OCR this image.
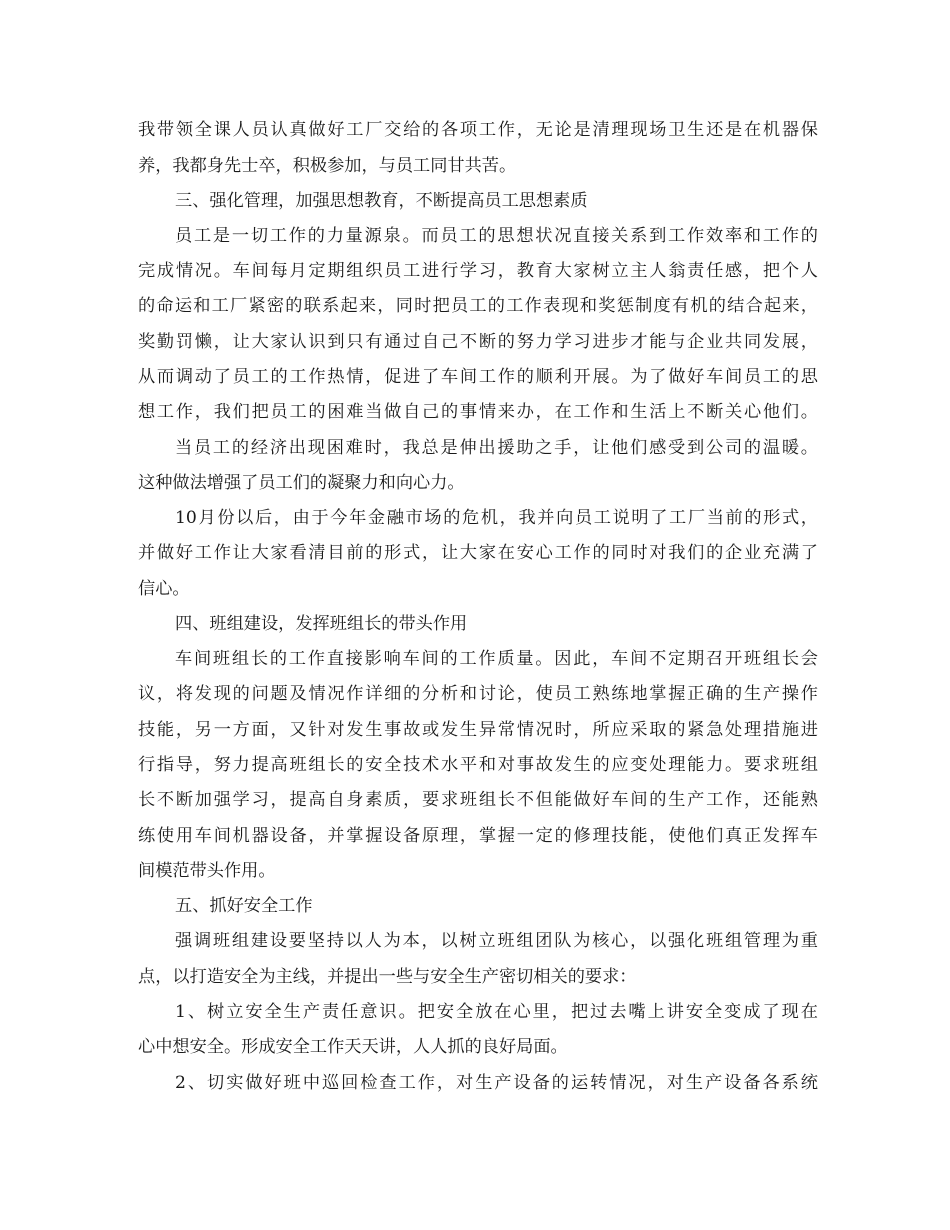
我带领全课人员认真做好工厂交给的各项工作，无论是清理现场卫生还是在机器保
养，我都身先士卒，积极参加，与员工同甘共苦。
三、强化管理，加强思想教育，不断提高员工思想素质
员工是一切工作的力量源泉。而员工的思想状况直接关系到工作效率和工作的
完成情况。车间每月定期组织员工进行学习，教育大家树立主人翁责任感，把个人
的命运和工厂紧密的联系起来，同时把员工的工作表现和奖惩制度有机的结合起来，
奖勤罚懒，让大家认识到只有通过自己不断的努力学习进步才能与企业共同发展，
从而调动了员工的工作热情，促进了车间工作的顺利开展。为了做好车间员工的思
想工作，我们把员工的困难当做自己的事情来办，在工作和生活上不断关心他们。
当员工的经济出现困难时，我总是伸出援助之手，让他们感受到公司的温暖。
这种做法增强了员工们的凝聚力和向心力。
10月份以后，由于今年金融市场的危机，我并向员工说明了工厂当前的形式，
并做好工作让大家看清目前的形式，让大家在安心工作的同时对我们的企业充满了
信心。
四、班组建设，发挥班组长的带头作用
车间班组长的工作直接影响车间的工作质量。因此，车间不定期召开班组长会
议，将发现的问题及情况作详细的分析和讨论，使员工熟练地掌握正确的生产操作
技能，另一方面，又针对发生事故或发生异常情况时，所应采取的紧急处理措施进
行指导，努力提高班组长的安全技术水平和对事故发生的应变处理能力。要求班组
长不断加强学习，提高自身素质，要求班组长不但能做好车间的生产工作，还能熟
练使用车间机器设备，并掌握设备原理，掌握一定的修理技能，使他们真正发挥车
间模范带头作用。
五、抓好安全工作
强调班组建设要坚持以人为本，以树立班组团队为核心，以强化班组管理为重
点，以打造安全为主线，并提出一些与安全生产密切相关的要求：
1、树立安全生产责任意识。把安全放在心里，把过去嘴上讲安全变成了现在
心中想安全。形成安全工作天天讲，人人抓的良好局面。
2、切实做好班中巡回检查工作，对生产设备的运转情况，对生产设备各系统
